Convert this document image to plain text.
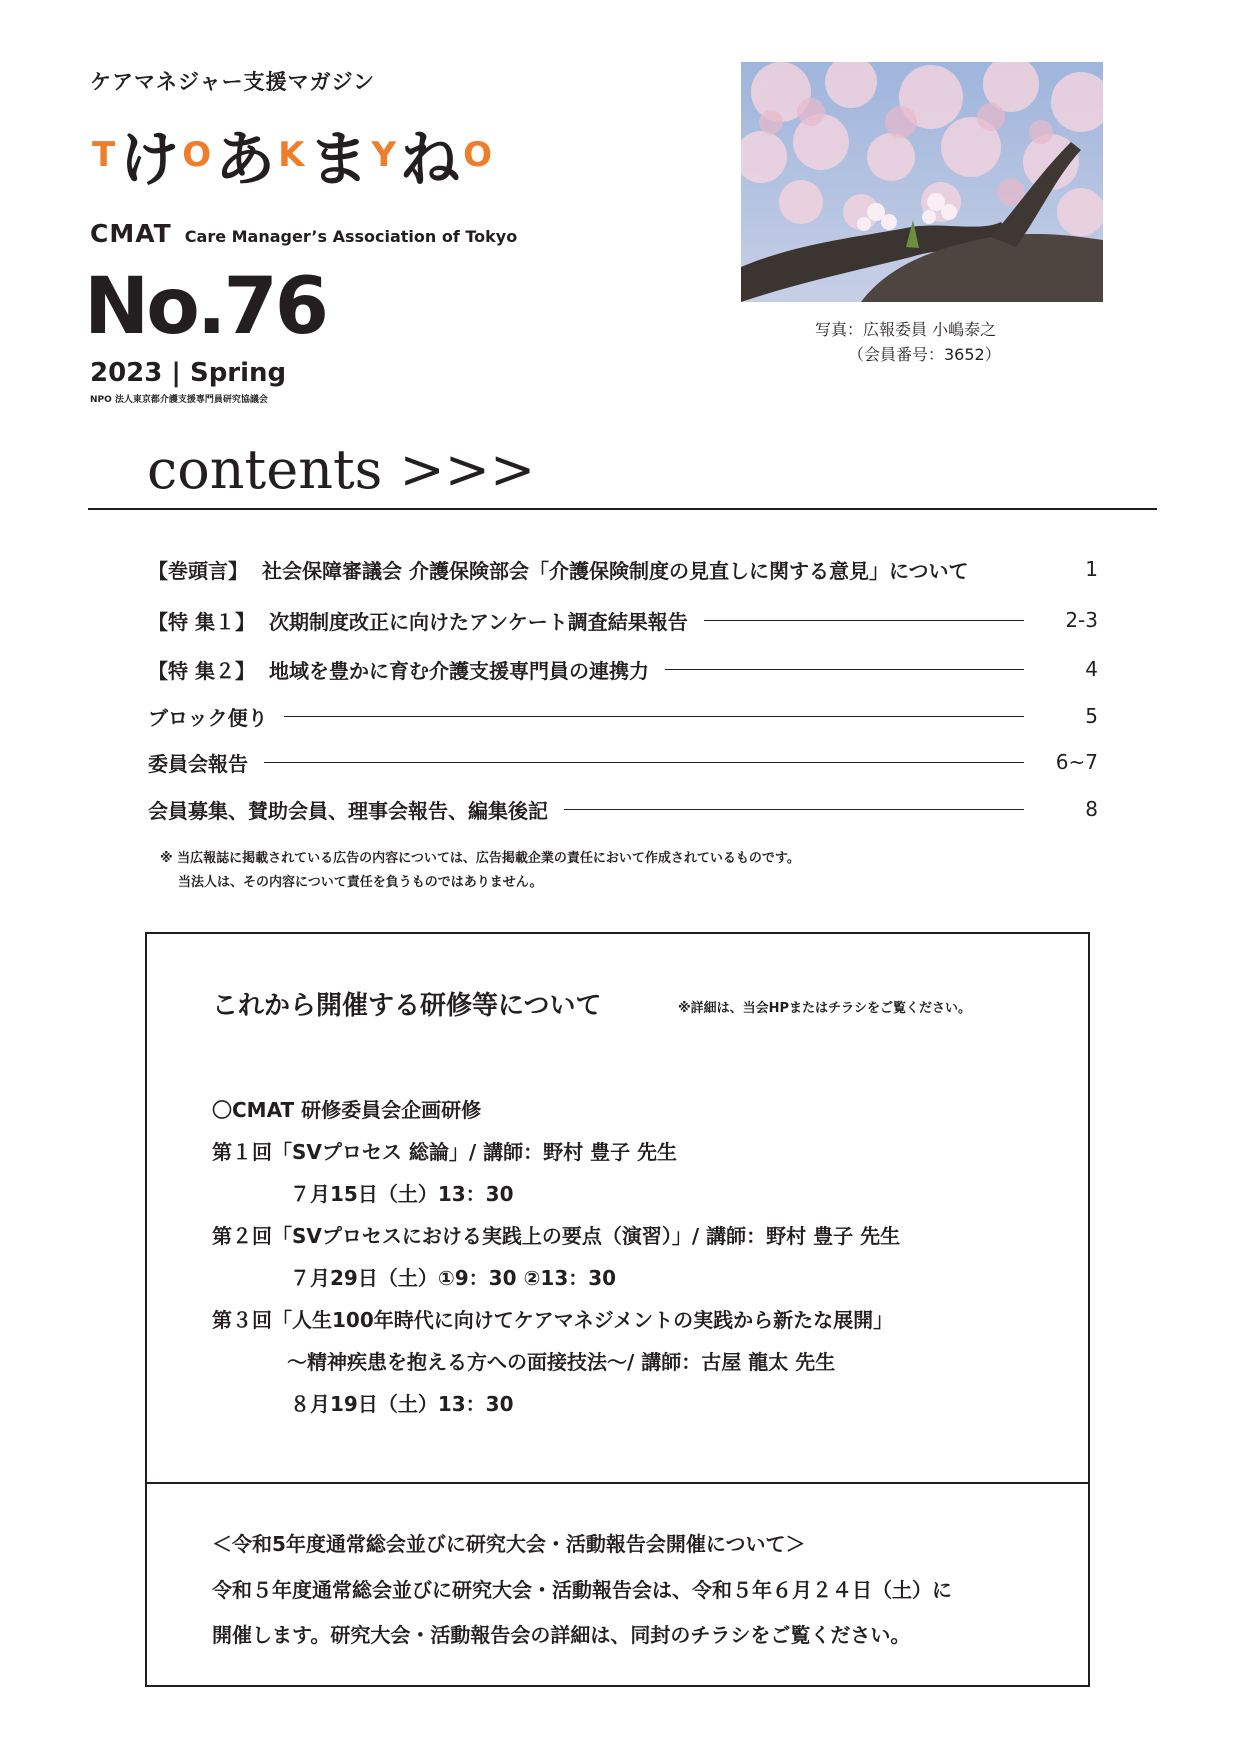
ケアマネジャー支援マガジン
Tけ Oあ Kま Yね O
CMAT Care Manager’s Association of Tokyo
No.76
2023 | Spring
NPO 法人東京都介護支援専門員研究協議会
写真：広報委員 小嶋泰之
（会員番号：3652）
contents >>>
【巻頭言】 社会保障審議会 介護保険部会「介護保険制度の見直しに関する意見」について	1
【特 集１】 次期制度改正に向けたアンケート調査結果報告	2-3
【特 集２】 地域を豊かに育む介護支援専門員の連携力	4
ブロック便り	5
委員会報告	6~7
会員募集、賛助会員、理事会報告、編集後記	8
※ 当広報誌に掲載されている広告の内容については、広告掲載企業の責任において作成されているものです。
当法人は、その内容について責任を負うものではありません。
これから開催する研修等について	※詳細は、当会HPまたはチラシをご覧ください。
〇CMAT 研修委員会企画研修
第１回「SVプロセス 総論」/ 講師：野村 豊子 先生
７月15日（土）13：30
第２回「SVプロセスにおける実践上の要点（演習）」/ 講師：野村 豊子 先生
７月29日（土）①9：30 ②13：30
第３回「人生100年時代に向けてケアマネジメントの実践から新たな展開」
～精神疾患を抱える方への面接技法～/ 講師：古屋 龍太 先生
８月19日（土）13：30
＜令和5年度通常総会並びに研究大会・活動報告会開催について＞
令和５年度通常総会並びに研究大会・活動報告会は、令和５年６月２４日（土）に
開催します。研究大会・活動報告会の詳細は、同封のチラシをご覧ください。
